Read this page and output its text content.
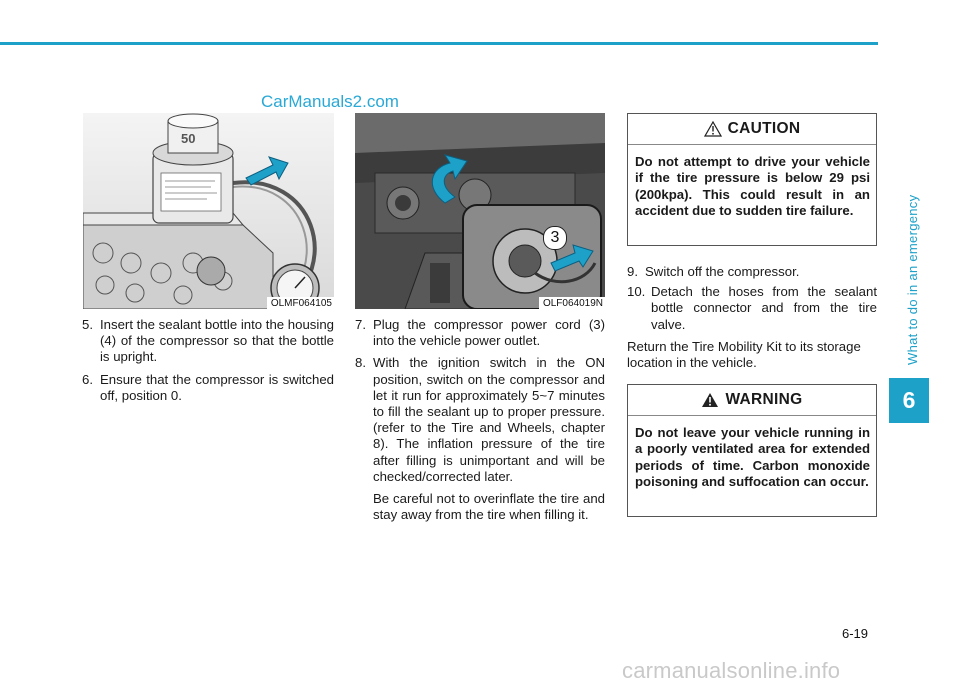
CarManuals2.com
What to do in an emergency
6
50
OLMF064105
3
OLF064019N
5. Insert the sealant bottle into the housing (4) of the compressor so that the bottle is upright.

6. Ensure that the compressor is switched off, position 0.

7. Plug the compressor power cord (3) into the vehicle power outlet.

8. With the ignition switch in the ON position, switch on the compressor and let it run for approximately 5~7 minutes to fill the sealant up to proper pressure. (refer to the Tire and Wheels, chapter 8). The inflation pressure of the tire after filling is unimportant and will be checked/corrected later.

Be careful not to overinflate the tire and stay away from the tire when filling it.

CAUTION
Do not attempt to drive your vehicle if the tire pressure is below 29 psi (200kpa). This could result in an accident due to sudden tire failure.
9. Switch off the compressor.

10. Detach the hoses from the sealant bottle connector and from the tire valve.

Return the Tire Mobility Kit to its storage location in the vehicle.

WARNING
Do not leave your vehicle running in a poorly ventilated area for extended periods of time. Carbon monoxide poisoning and suffocation can occur.
6-19
carmanualsonline.info
